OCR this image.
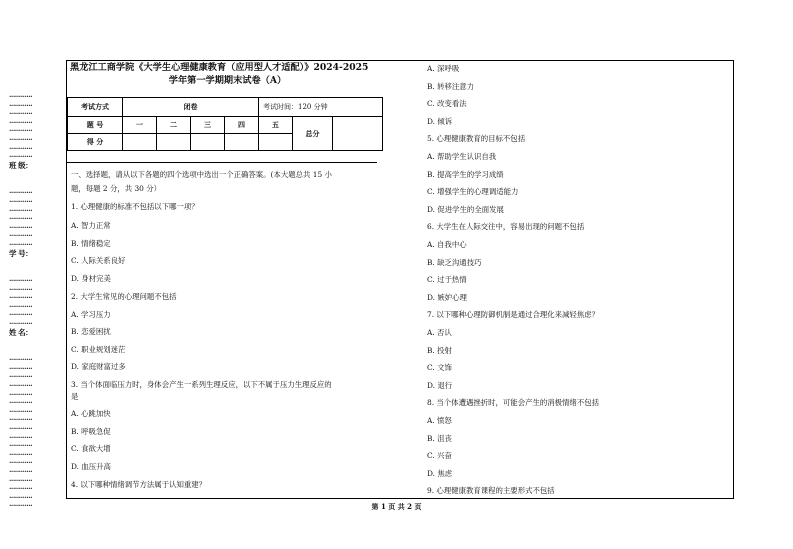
············
············
············
············
············
············
············
············
班 级：
············
············
············
············
············
············
············
学 号：
············
············
············
············
············
············
姓 名：
············
············
············
············
············
············
············
············
············
············
············
············
············
············
············
············
············
············
黑龙江工商学院《大学生心理健康教育（应用型人才适配）》2024-2025
学年第一学期期末试卷（A）
考试方式	闭卷				考试时间：120 分钟		
题 号	一	二	三	四	五	总分	
得 分							
一、选择题，请从以下各题的四个选项中选出一个正确答案。(本大题总共 15 小
题，每题 2 分，共 30 分）
1. 心理健康的标准不包括以下哪一项？
A. 智力正常
B. 情绪稳定
C. 人际关系良好
D. 身材完美
2. 大学生常见的心理问题不包括
A. 学习压力
B. 恋爱困扰
C. 职业规划迷茫
D. 家庭财富过多
3. 当个体面临压力时，身体会产生一系列生理反应，以下不属于压力生理反应的
是
A. 心跳加快
B. 呼吸急促
C. 食欲大增
D. 血压升高
4. 以下哪种情绪调节方法属于认知重建？
A. 深呼吸
B. 转移注意力
C. 改变看法
D. 倾诉
5. 心理健康教育的目标不包括
A. 帮助学生认识自我
B. 提高学生的学习成绩
C. 增强学生的心理调适能力
D. 促进学生的全面发展
6. 大学生在人际交往中，容易出现的问题不包括
A. 自我中心
B. 缺乏沟通技巧
C. 过于热情
D. 嫉妒心理
7. 以下哪种心理防御机制是通过合理化来减轻焦虑？
A. 否认
B. 投射
C. 文饰
D. 退行
8. 当个体遭遇挫折时，可能会产生的消极情绪不包括
A. 愤怒
B. 沮丧
C. 兴奋
D. 焦虑
9. 心理健康教育课程的主要形式不包括
第 1 页 共 2 页
